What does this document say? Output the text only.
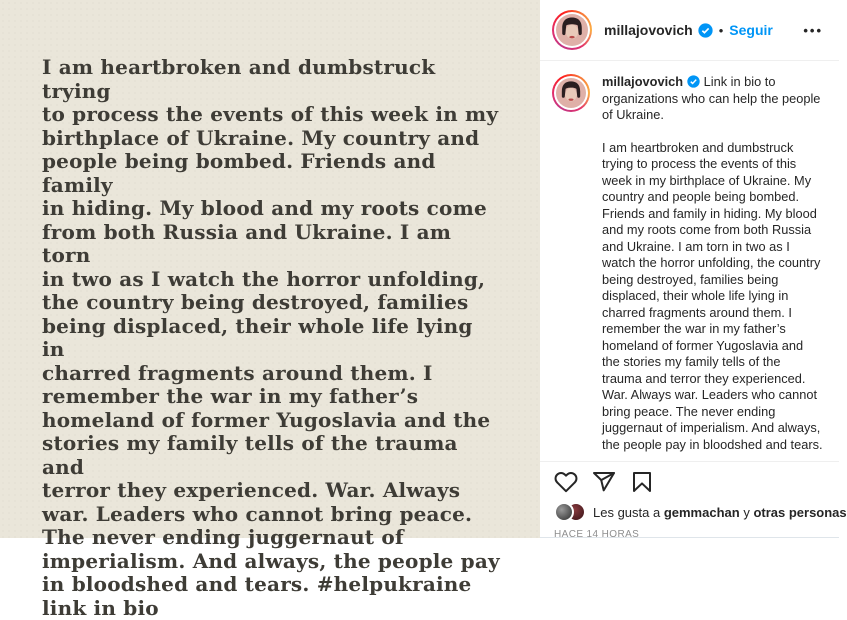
I am heartbroken and dumbstruck trying
to process the events of this week in my
birthplace of Ukraine. My country and
people being bombed. Friends and family
in hiding. My blood and my roots come
from both Russia and Ukraine. I am torn
in two as I watch the horror unfolding,
the country being destroyed, families
being displaced, their whole life lying in
charred fragments around them. I
remember the war in my father’s
homeland of former Yugoslavia and the
stories my family tells of the trauma and
terror they experienced. War. Always
war. Leaders who cannot bring peace.
The never ending juggernaut of
imperialism. And always, the people pay
in bloodshed and tears. #helpukraine
link in bio
millajovovich • Seguir •••
millajovovich Link in bio to organizations who can help the people of Ukraine.
I am heartbroken and dumbstruck trying to process the events of this week in my birthplace of Ukraine. My country and people being bombed. Friends and family in hiding. My blood and my roots come from both Russia and Ukraine. I am torn in two as I watch the horror unfolding, the country being destroyed, families being displaced, their whole life lying in charred fragments around them. I remember the war in my father’s homeland of former Yugoslavia and the stories my family tells of the trauma and terror they experienced. War. Always war. Leaders who cannot bring peace. The never ending juggernaut of imperialism. And always, the people pay in bloodshed and tears.
Les gusta a gemmachan y otras personas
HACE 14 HORAS
